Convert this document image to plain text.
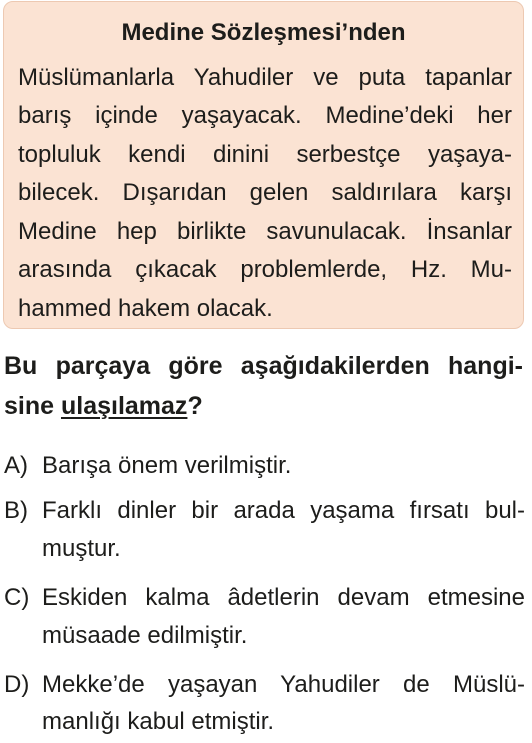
Medine Sözleşmesi’nden
Müslümanlarla Yahudiler ve puta tapanlar
barış içinde yaşayacak. Medine’deki her
topluluk kendi dinini serbestçe yaşaya-
bilecek. Dışarıdan gelen saldırılara karşı
Medine hep birlikte savunulacak. İnsanlar
arasında çıkacak problemlerde, Hz. Mu-
hammed hakem olacak.
Bu parçaya göre aşağıdakilerden hangi-
sine ulaşılamaz?
A) Barışa önem verilmiştir.
B) Farklı dinler bir arada yaşama fırsatı bul-
muştur.
C) Eskiden kalma âdetlerin devam etmesine
müsaade edilmiştir.
D) Mekke’de yaşayan Yahudiler de Müslü-
manlığı kabul etmiştir.
